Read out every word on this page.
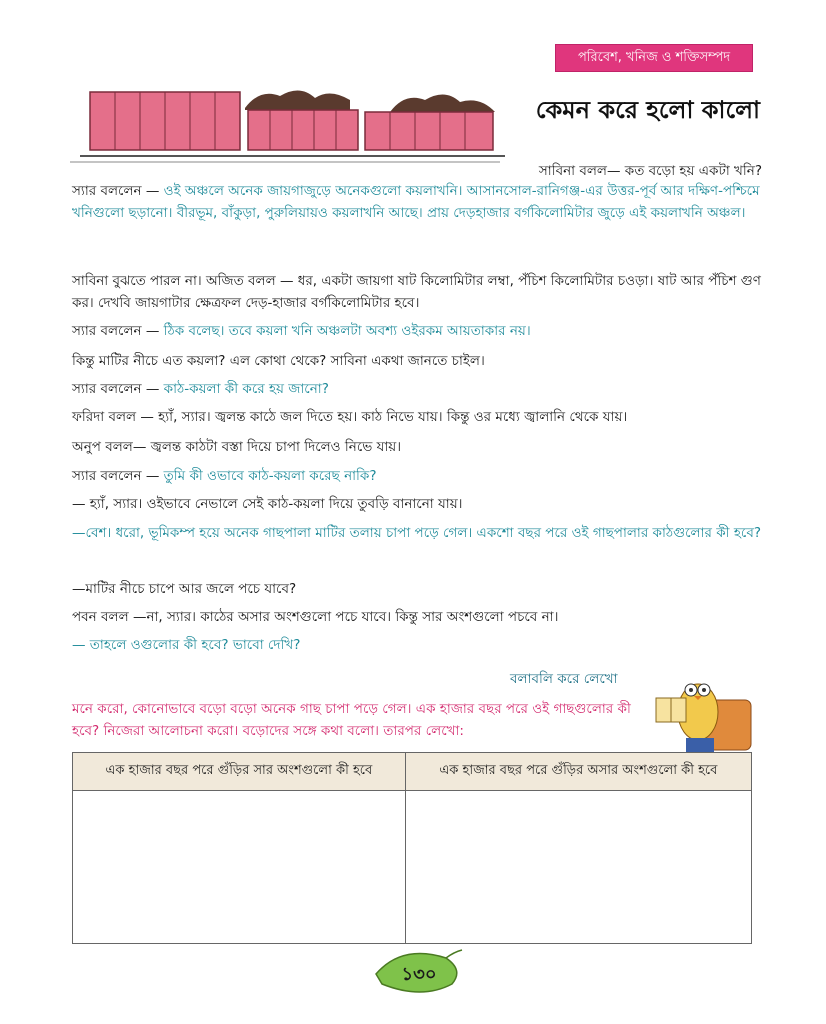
পরিবেশ, খনিজ ও শক্তিসম্পদ
কেমন করে হলো কালো
সাবিনা বলল— কত বড়ো হয় একটা খনি?
স্যার বললেন — ওই অঞ্চলে অনেক জায়গাজুড়ে অনেকগুলো কয়লাখনি। আসানসোল-রানিগঞ্জ-এর উত্তর-পূর্ব আর দক্ষিণ-পশ্চিমে খনিগুলো ছড়ানো। বীরভূম, বাঁকুড়া, পুরুলিয়ায়ও কয়লাখনি আছে। প্রায় দেড়হাজার বর্গকিলোমিটার জুড়ে এই কয়লাখনি অঞ্চল।
সাবিনা বুঝতে পারল না। অজিত বলল — ধর, একটা জায়গা ষাট কিলোমিটার লম্বা, পঁচিশ কিলোমিটার চওড়া। ষাট আর পঁচিশ গুণ কর। দেখবি জায়গাটার ক্ষেত্রফল দেড়-হাজার বর্গকিলোমিটার হবে।
স্যার বললেন — ঠিক বলেছ। তবে কয়লা খনি অঞ্চলটা অবশ্য ওইরকম আয়তাকার নয়।
কিন্তু মাটির নীচে এত কয়লা? এল কোথা থেকে? সাবিনা একথা জানতে চাইল।
স্যার বললেন — কাঠ-কয়লা কী করে হয় জানো?
ফরিদা বলল — হ্যাঁ, স্যার। জ্বলন্ত কাঠে জল দিতে হয়। কাঠ নিভে যায়। কিন্তু ওর মধ্যে জ্বালানি থেকে যায়।
অনুপ বলল— জ্বলন্ত কাঠটা বস্তা দিয়ে চাপা দিলেও নিভে যায়।
স্যার বললেন — তুমি কী ওভাবে কাঠ-কয়লা করেছ নাকি?
— হ্যাঁ, স্যার। ওইভাবে নেভালে সেই কাঠ-কয়লা দিয়ে তুবড়ি বানানো যায়।
—বেশ। ধরো, ভূমিকম্প হয়ে অনেক গাছপালা মাটির তলায় চাপা পড়ে গেল। একশো বছর পরে ওই গাছপালার কাঠগুলোর কী হবে?
—মাটির নীচে চাপে আর জলে পচে যাবে?
পবন বলল —না, স্যার। কাঠের অসার অংশগুলো পচে যাবে। কিন্তু সার অংশগুলো পচবে না।
— তাহলে ওগুলোর কী হবে? ভাবো দেখি?
বলাবলি করে লেখো
মনে করো, কোনোভাবে বড়ো বড়ো অনেক গাছ চাপা পড়ে গেল। এক হাজার বছর পরে ওই গাছগুলোর কী হবে? নিজেরা আলোচনা করো। বড়োদের সঙ্গে কথা বলো। তারপর লেখো:
এক হাজার বছর পরে গুঁড়ির সার অংশগুলো কী হবে	এক হাজার বছর পরে গুঁড়ির অসার অংশগুলো কী হবে

১৩০
